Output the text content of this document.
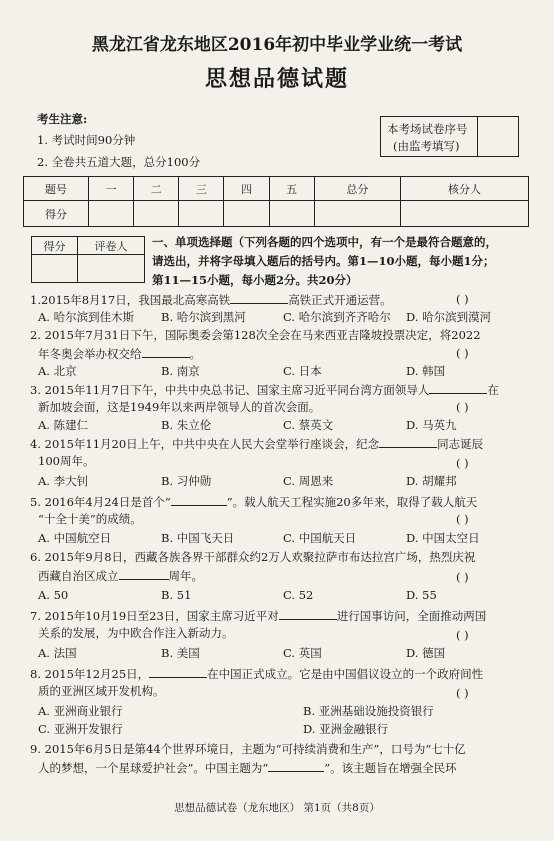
黑龙江省龙东地区2016年初中毕业学业统一考试
思想品德试题
考生注意:
1. 考试时间90分钟
2. 全卷共五道大题，总分100分
本考场试卷序号
(由监考填写)
题号	一	二	三	四	五	总分	核分人
得分							
得分	评卷人
	一、单项选择题（下列各题的四个选项中，有一个是最符合题意的，
请选出，并将字母填入题后的括号内。第1—10小题，每小题1分；
第11—15小题，每小题2分。共20分）
1.2015年8月17日，我国最北高寒高铁	高铁正式开通运营。	( )
A. 哈尔滨到佳木斯 B. 哈尔滨到黑河	C. 哈尔滨到齐齐哈尔 D. 哈尔滨到漠河
2. 2015年7月31日下午，国际奥委会第128次全会在马来西亚吉隆坡投票决定，将2022
年冬奥会举办权交给	。	( )
A. 北京	B. 南京	C. 日本	D. 韩国
3. 2015年11月7日下午，中共中央总书记、国家主席习近平同台湾方面领导人	在
新加坡会面，这是1949年以来两岸领导人的首次会面。	( )
A. 陈建仁	B. 朱立伦	C. 蔡英文	D. 马英九
4. 2015年11月20日上午，中共中央在人民大会堂举行座谈会，纪念	同志诞辰
100周年。	( )
A. 李大钊	B. 习仲勋	C. 周恩来	D. 胡耀邦
5. 2016年4月24日是首个“	”。载人航天工程实施20多年来，取得了载人航天
“十全十美”的成绩。	( )
A. 中国航空日	B. 中国飞天日	C. 中国航天日	D. 中国太空日
6. 2015年9月8日，西藏各族各界干部群众约2万人欢聚拉萨市布达拉宫广场，热烈庆祝
西藏自治区成立	周年。	( )
A. 50	B. 51	C. 52	D. 55
7. 2015年10月19日至23日，国家主席习近平对	进行国事访问，全面推动两国
关系的发展，为中欧合作注入新动力。	( )
A. 法国	B. 美国	C. 英国	D. 德国
8. 2015年12月25日，	在中国正式成立。它是由中国倡议设立的一个政府间性
质的亚洲区域开发机构。	( )
A. 亚洲商业银行	B. 亚洲基础设施投资银行
C. 亚洲开发银行	D. 亚洲金融银行
9. 2015年6月5日是第44个世界环境日，主题为“可持续消费和生产”，口号为“七十亿
人的梦想，一个星球爱护社会”。中国主题为“	”。该主题旨在增强全民环
思想品德试卷（龙东地区） 第1页（共8页）
